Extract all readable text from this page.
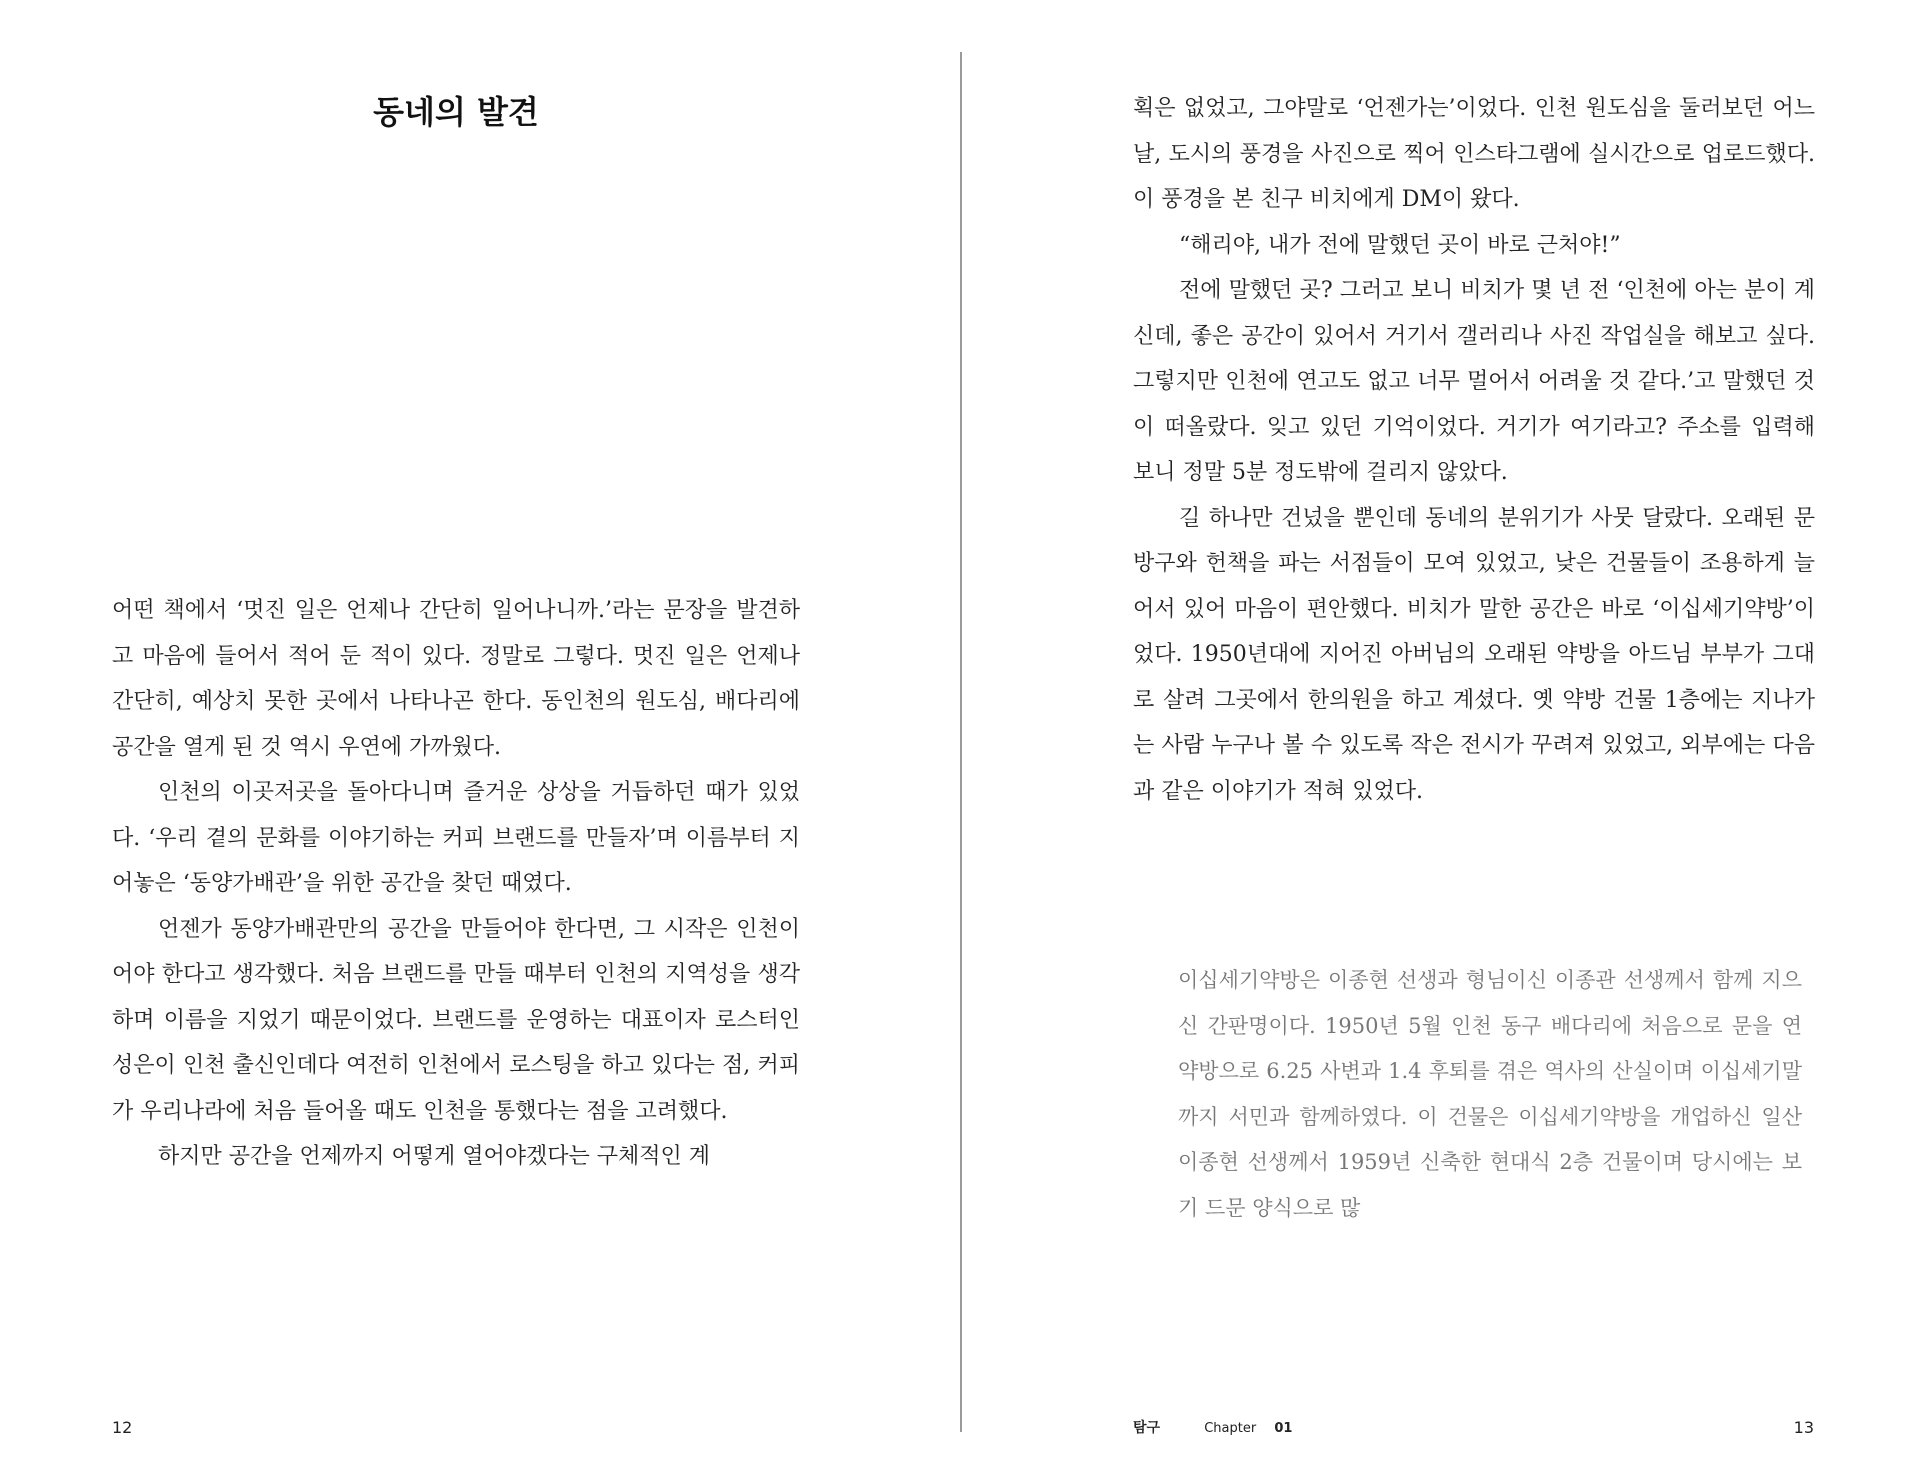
동네의 발견

어떤 책에서 ‘멋진 일은 언제나 간단히 일어나니까.’라는 문장을 발견하고 마음에 들어서 적어 둔 적이 있다. 정말로 그렇다. 멋진 일은 언제나 간단히, 예상치 못한 곳에서 나타나곤 한다. 동인천의 원도심, 배다리에 공간을 열게 된 것 역시 우연에 가까웠다.

인천의 이곳저곳을 돌아다니며 즐거운 상상을 거듭하던 때가 있었다. ‘우리 곁의 문화를 이야기하는 커피 브랜드를 만들자’며 이름부터 지어놓은 ‘동양가배관’을 위한 공간을 찾던 때였다.

언젠가 동양가배관만의 공간을 만들어야 한다면, 그 시작은 인천이어야 한다고 생각했다. 처음 브랜드를 만들 때부터 인천의 지역성을 생각하며 이름을 지었기 때문이었다. 브랜드를 운영하는 대표이자 로스터인 성은이 인천 출신인데다 여전히 인천에서 로스팅을 하고 있다는 점, 커피가 우리나라에 처음 들어올 때도 인천을 통했다는 점을 고려했다.

하지만 공간을 언제까지 어떻게 열어야겠다는 구체적인 계

12

획은 없었고, 그야말로 ‘언젠가는’이었다. 인천 원도심을 둘러보던 어느 날, 도시의 풍경을 사진으로 찍어 인스타그램에 실시간으로 업로드했다. 이 풍경을 본 친구 비치에게 DM이 왔다.

“해리야, 내가 전에 말했던 곳이 바로 근처야!”

전에 말했던 곳? 그러고 보니 비치가 몇 년 전 ‘인천에 아는 분이 계신데, 좋은 공간이 있어서 거기서 갤러리나 사진 작업실을 해보고 싶다. 그렇지만 인천에 연고도 없고 너무 멀어서 어려울 것 같다.’고 말했던 것이 떠올랐다. 잊고 있던 기억이었다. 거기가 여기라고? 주소를 입력해 보니 정말 5분 정도밖에 걸리지 않았다.

길 하나만 건넜을 뿐인데 동네의 분위기가 사뭇 달랐다. 오래된 문방구와 헌책을 파는 서점들이 모여 있었고, 낮은 건물들이 조용하게 늘어서 있어 마음이 편안했다. 비치가 말한 공간은 바로 ‘이십세기약방’이었다. 1950년대에 지어진 아버님의 오래된 약방을 아드님 부부가 그대로 살려 그곳에서 한의원을 하고 계셨다. 옛 약방 건물 1층에는 지나가는 사람 누구나 볼 수 있도록 작은 전시가 꾸려져 있었고, 외부에는 다음과 같은 이야기가 적혀 있었다.

이십세기약방은 이종현 선생과 형님이신 이종관 선생께서 함께 지으신 간판명이다. 1950년 5월 인천 동구 배다리에 처음으로 문을 연 약방으로 6.25 사변과 1.4 후퇴를 겪은 역사의 산실이며 이십세기말까지 서민과 함께하였다. 이 건물은 이십세기약방을 개업하신 일산 이종현 선생께서 1959년 신축한 현대식 2층 건물이며 당시에는 보기 드문 양식으로 많

탐구	Chapter 01	13
